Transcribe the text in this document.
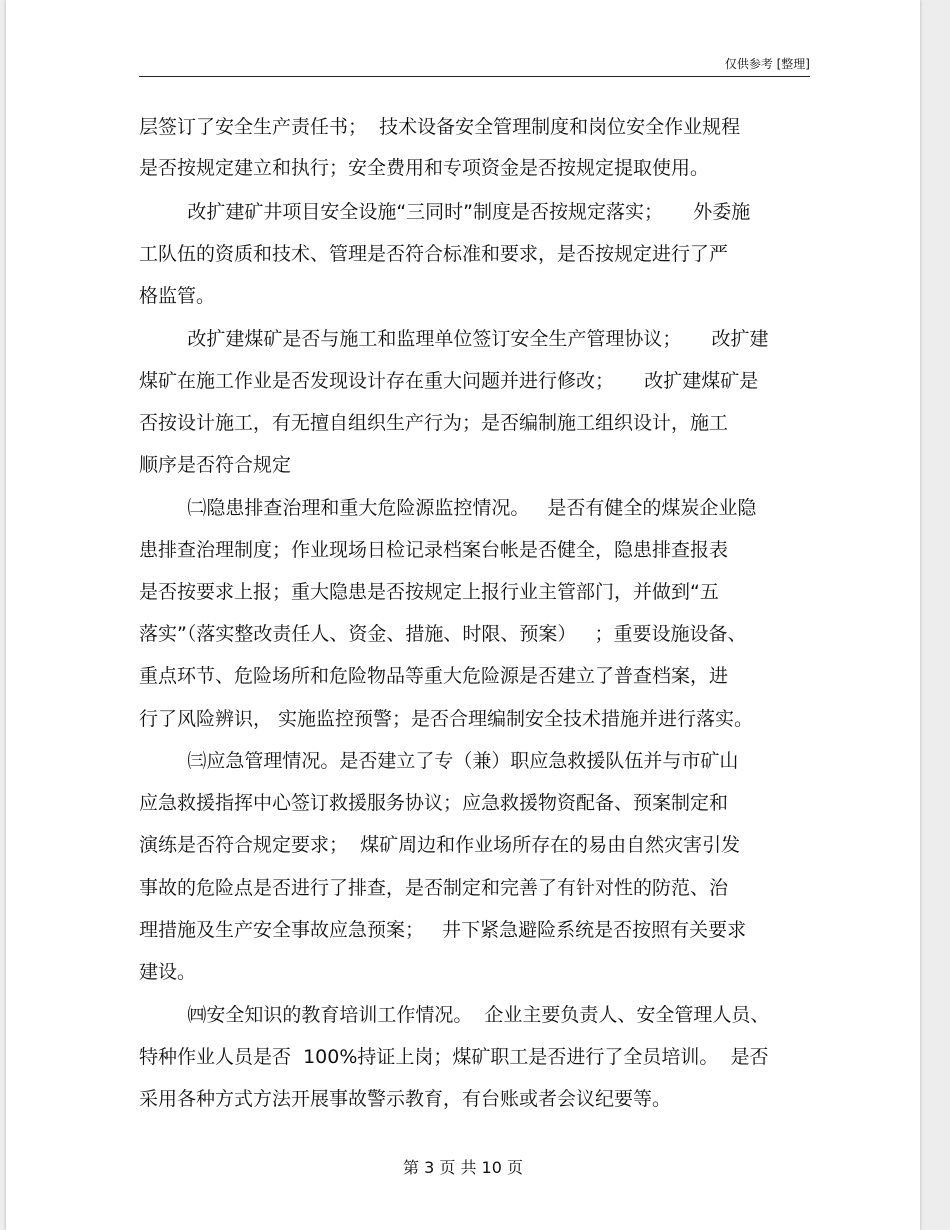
仅供参考 [整理]
层签订了安全生产责任书；  技术设备安全管理制度和岗位安全作业规程
是否按规定建立和执行；安全费用和专项资金是否按规定提取使用。
改扩建矿井项目安全设施“三同时”制度是否按规定落实；     外委施
工队伍的资质和技术、管理是否符合标准和要求，是否按规定进行了严
格监管。
改扩建煤矿是否与施工和监理单位签订安全生产管理协议；     改扩建
煤矿在施工作业是否发现设计存在重大问题并进行修改；     改扩建煤矿是
否按设计施工，有无擅自组织生产行为；是否编制施工组织设计，施工
顺序是否符合规定
㈡隐患排查治理和重大危险源监控情况。   是否有健全的煤炭企业隐
患排查治理制度；作业现场日检记录档案台帐是否健全，隐患排查报表
是否按要求上报；重大隐患是否按规定上报行业主管部门，并做到“五
落实”（落实整改责任人、资金、措施、时限、预案）   ；重要设施设备、
重点环节、危险场所和危险物品等重大危险源是否建立了普查档案，进
行了风险辨识， 实施监控预警；是否合理编制安全技术措施并进行落实。
㈢应急管理情况。是否建立了专（兼）职应急救援队伍并与市矿山
应急救援指挥中心签订救援服务协议；应急救援物资配备、预案制定和
演练是否符合规定要求；  煤矿周边和作业场所存在的易由自然灾害引发
事故的危险点是否进行了排查，是否制定和完善了有针对性的防范、治
理措施及生产安全事故应急预案；   井下紧急避险系统是否按照有关要求
建设。
㈣安全知识的教育培训工作情况。  企业主要负责人、安全管理人员、
特种作业人员是否  100%持证上岗；煤矿职工是否进行了全员培训。  是否
采用各种方式方法开展事故警示教育，有台账或者会议纪要等。
第 3 页 共 10 页
